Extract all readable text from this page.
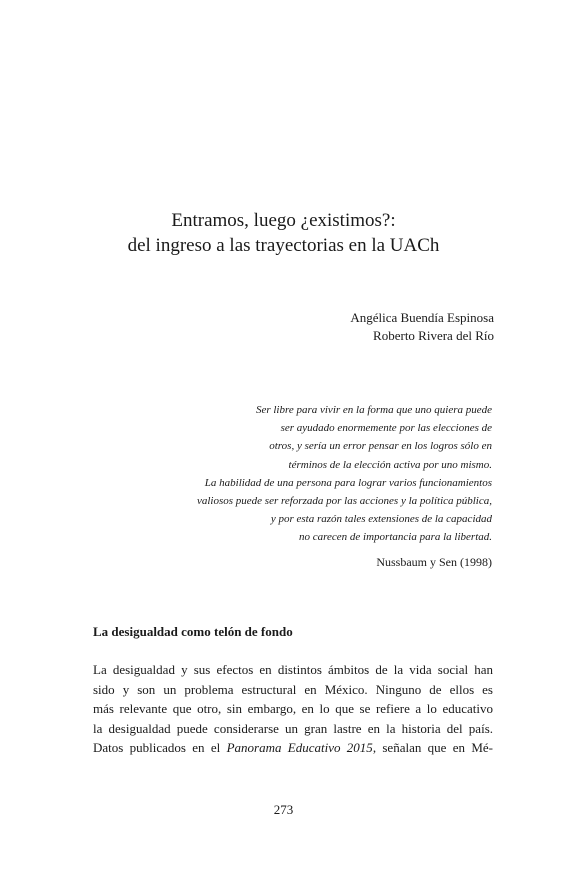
Entramos, luego ¿existimos?:
del ingreso a las trayectorias en la UACh
Angélica Buendía Espinosa
Roberto Rivera del Río
Ser libre para vivir en la forma que uno quiera puede
ser ayudado enormemente por las elecciones de
otros, y sería un error pensar en los logros sólo en
términos de la elección activa por uno mismo.
La habilidad de una persona para lograr varios funcionamientos
valiosos puede ser reforzada por las acciones y la política pública,
y por esta razón tales extensiones de la capacidad
no carecen de importancia para la libertad.
Nussbaum y Sen (1998)
La desigualdad como telón de fondo
La desigualdad y sus efectos en distintos ámbitos de la vida social han
sido y son un problema estructural en México. Ninguno de ellos es
más relevante que otro, sin embargo, en lo que se refiere a lo educativo
la desigualdad puede considerarse un gran lastre en la historia del país.
Datos publicados en el Panorama Educativo 2015, señalan que en Mé-
273
